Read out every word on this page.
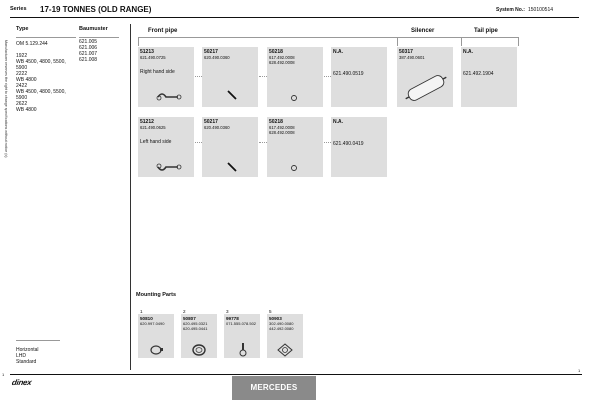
Series 17-19 TONNES (OLD RANGE)	System No.: 150100514
Manufacturer reserves the right to change specifications without notice (c)
Type	Baumuster
OM 5.129.244	621.005
621.006
621.007
621.008
1922
WB 4500, 4800, 5500, 5900
2222
WB 4800
2422
WB 4500, 4800, 5500, 5900
2622
WB 4800
Horizontal
LHD
Standard
Front pipe	Silencer	Tail pipe
51213
621.490.0725
Right hand side
50217
620.490.0360
50218
617.492.0008
628.492.0008
N.A.
621.490.0519
50317
387.490.0601
N.A.
621.492.1904
51212
621.490.0625
Left hand side
50217
620.490.0360
50218
617.492.0008
628.492.0008
N.A.
621.490.0419
Mounting Parts
1
50810
620.997.0490
2
50807
620.495.0321
620.495.0441
3
99778
071.555.078.502
5
50903
302.490.0080
442.492.0080
1
1
dinex
MERCEDES
